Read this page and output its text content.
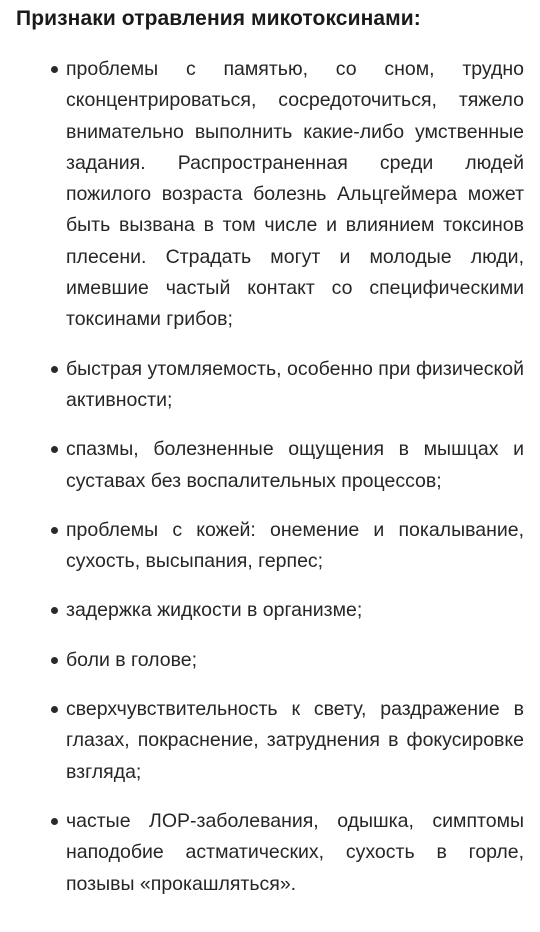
Признаки отравления микотоксинами:
проблемы с памятью, со сном, трудно сконцентрироваться, сосредоточиться, тяжело внимательно выполнить какие-либо умственные задания. Распространенная среди людей пожилого возраста болезнь Альцгеймера может быть вызвана в том числе и влиянием токсинов плесени. Страдать могут и молодые люди, имевшие частый контакт со специфическими токсинами грибов;
быстрая утомляемость, особенно при физической активности;
спазмы, болезненные ощущения в мышцах и суставах без воспалительных процессов;
проблемы с кожей: онемение и покалывание, сухость, высыпания, герпес;
задержка жидкости в организме;
боли в голове;
сверхчувствительность к свету, раздражение в глазах, покраснение, затруднения в фокусировке взгляда;
частые ЛОР-заболевания, одышка, симптомы наподобие астматических, сухость в горле, позывы «прокашляться».
